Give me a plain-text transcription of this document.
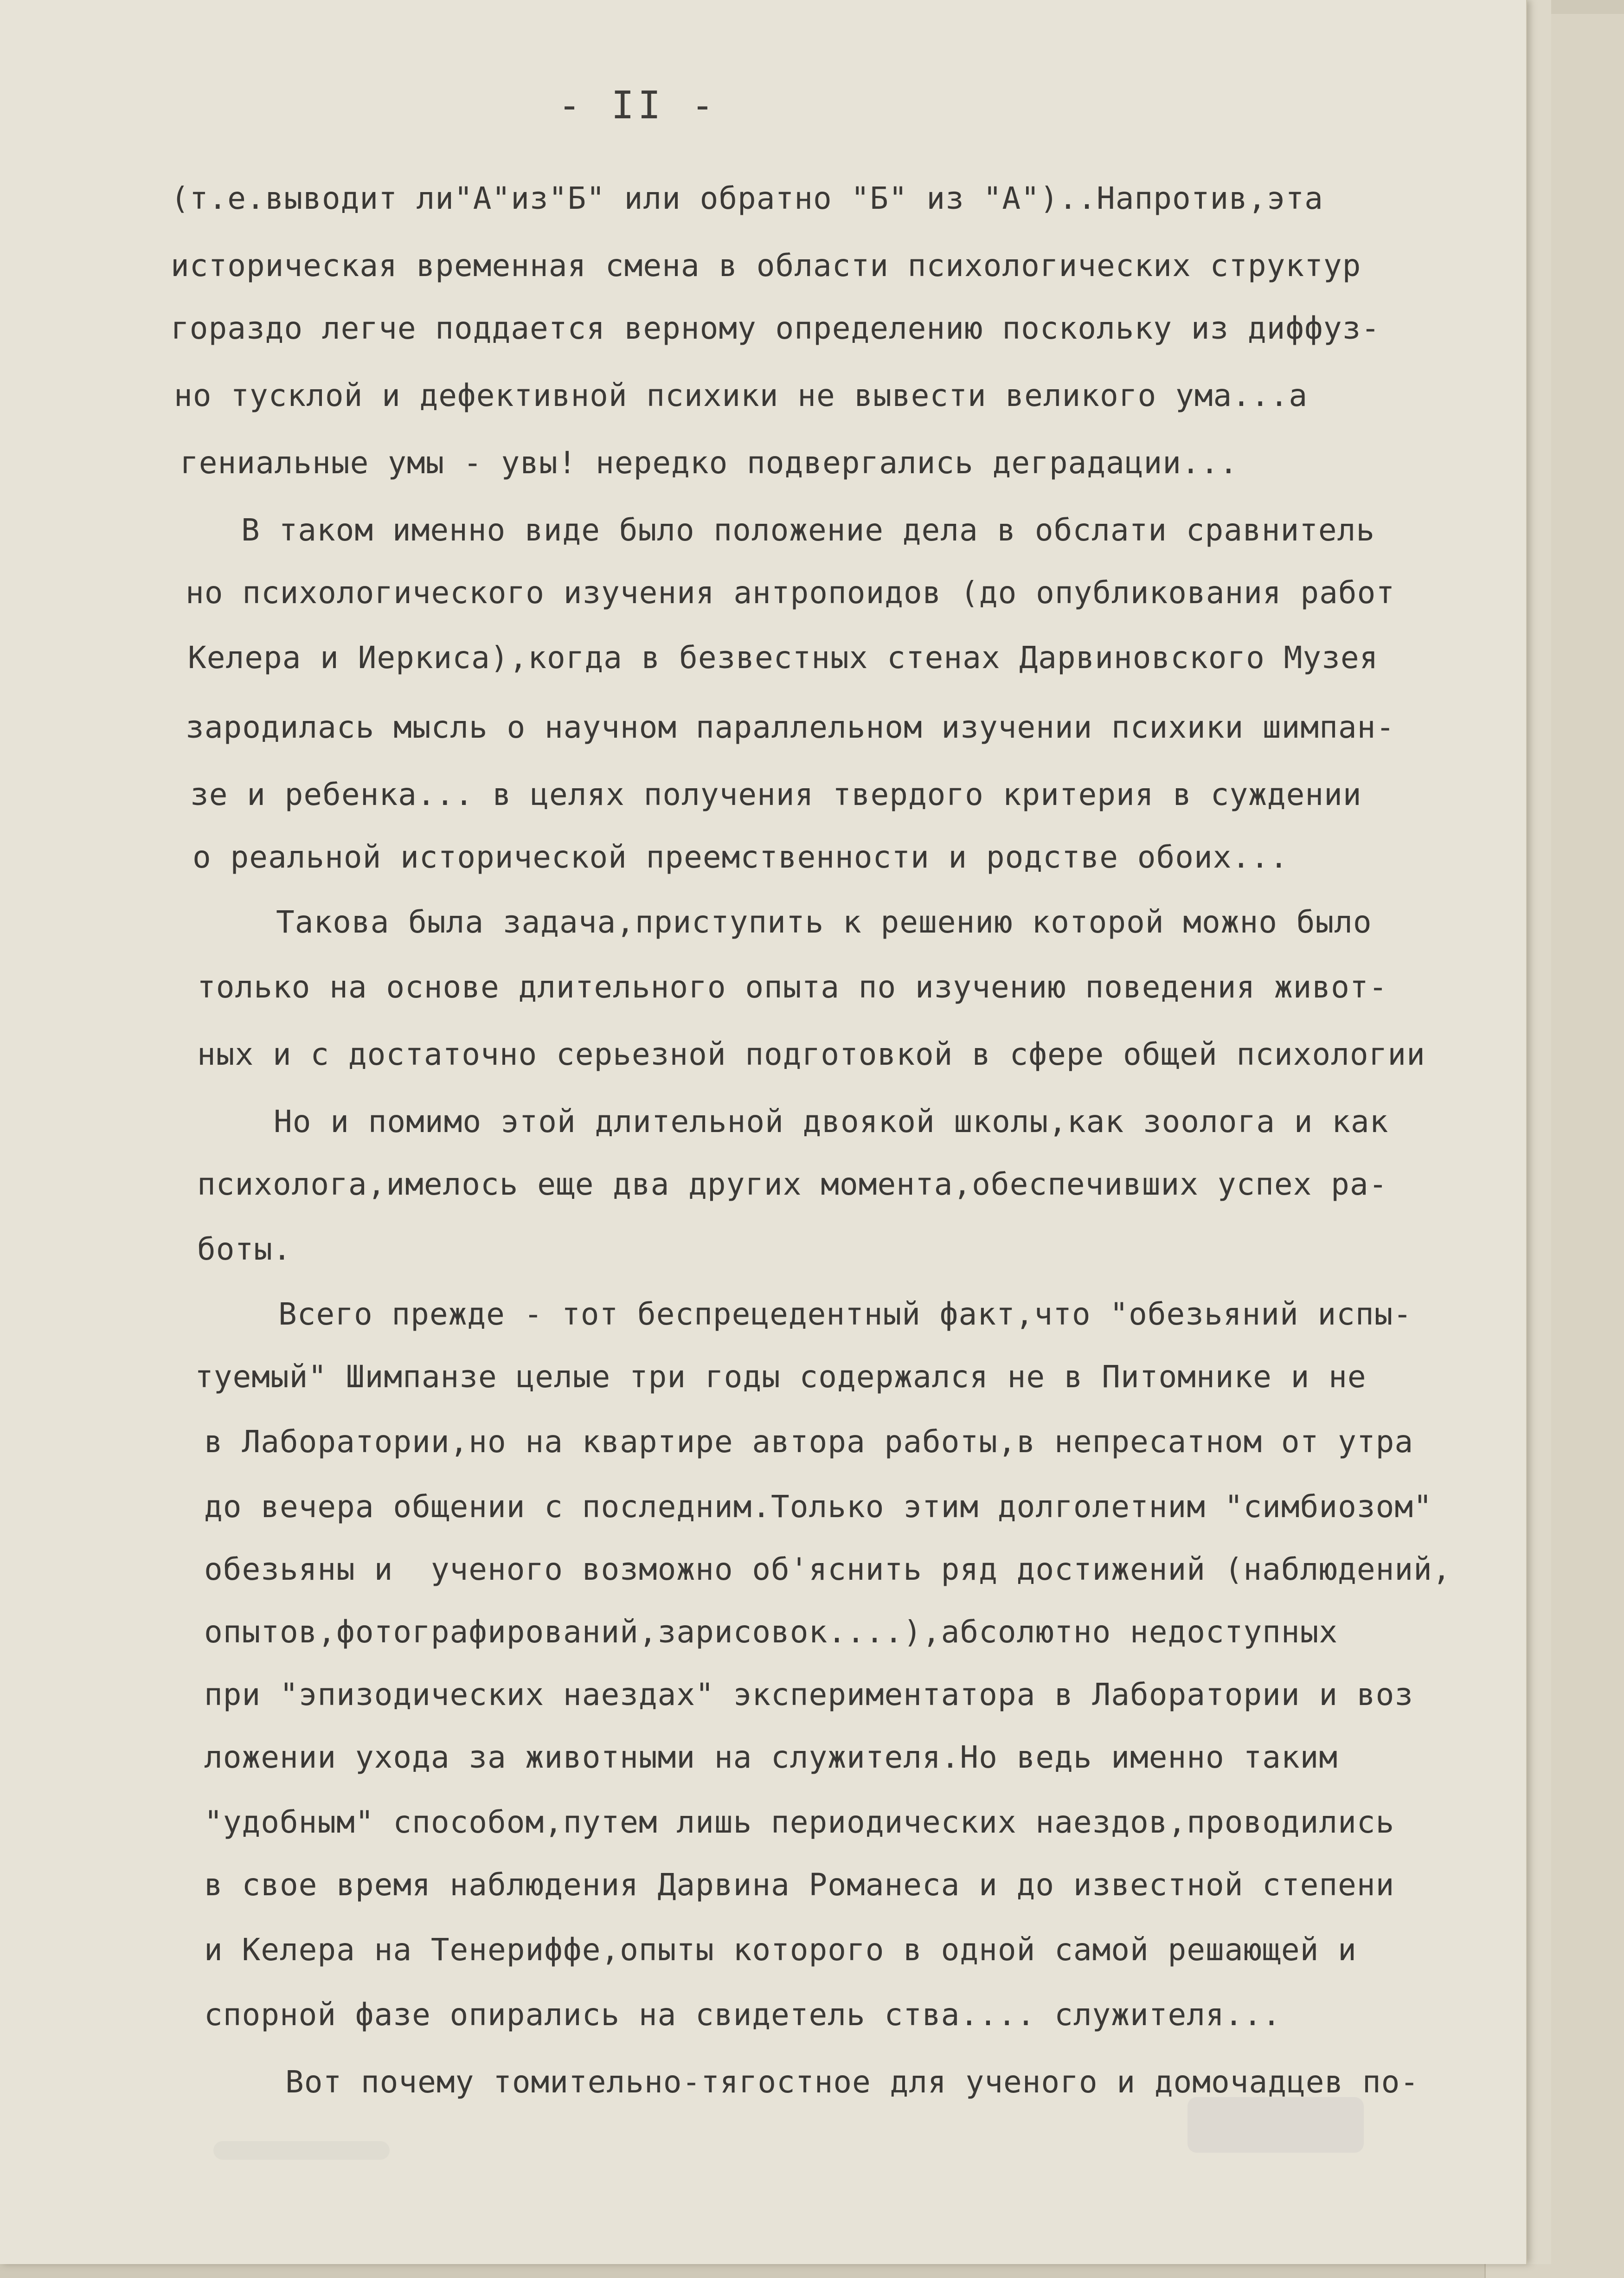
- II -
(т.е.выводит ли"А"из"Б" или обратно "Б" из "А")..Напротив,эта
историческая временная смена в области психологических структур
гораздо легче поддается верному определению поскольку из диффуз-
но тусклой и дефективной психики не вывести великого ума...а
гениальные умы - увы! нередко подвергались деградации...
В таком именно виде было положение дела в обслати сравнитель
но психологического изучения антропоидов (до опубликования работ
Келера и Иеркиса),когда в безвестных стенах Дарвиновского Музея
зародилась мысль о научном параллельном изучении психики шимпан-
зе и ребенка... в целях получения твердого критерия в суждении
о реальной исторической преемственности и родстве обоих...
Такова была задача,приступить к решению которой можно было
только на основе длительного опыта по изучению поведения живот-
ных и с достаточно серьезной подготовкой в сфере общей психологии
Но и помимо этой длительной двоякой школы,как зоолога и как
психолога,имелось еще два других момента,обеспечивших успех ра-
боты.
Всего прежде - тот беспрецедентный факт,что "обезьяний испы-
туемый" Шимпанзе целые три годы содержался не в Питомнике и не
в Лаборатории,но на квартире автора работы,в непресатном от утра
до вечера общении с последним.Только этим долголетним "симбиозом"
обезьяны и  ученого возможно об'яснить ряд достижений (наблюдений,
опытов,фотографирований,зарисовок....),абсолютно недоступных
при "эпизодических наездах" экспериментатора в Лаборатории и воз
ложении ухода за животными на служителя.Но ведь именно таким
"удобным" способом,путем лишь периодических наездов,проводились
в свое время наблюдения Дарвина Романеса и до известной степени
и Келера на Тенериффе,опыты которого в одной самой решающей и
спорной фазе опирались на свидетель ства.... служителя...
Вот почему томительно-тягостное для ученого и домочадцев по-
